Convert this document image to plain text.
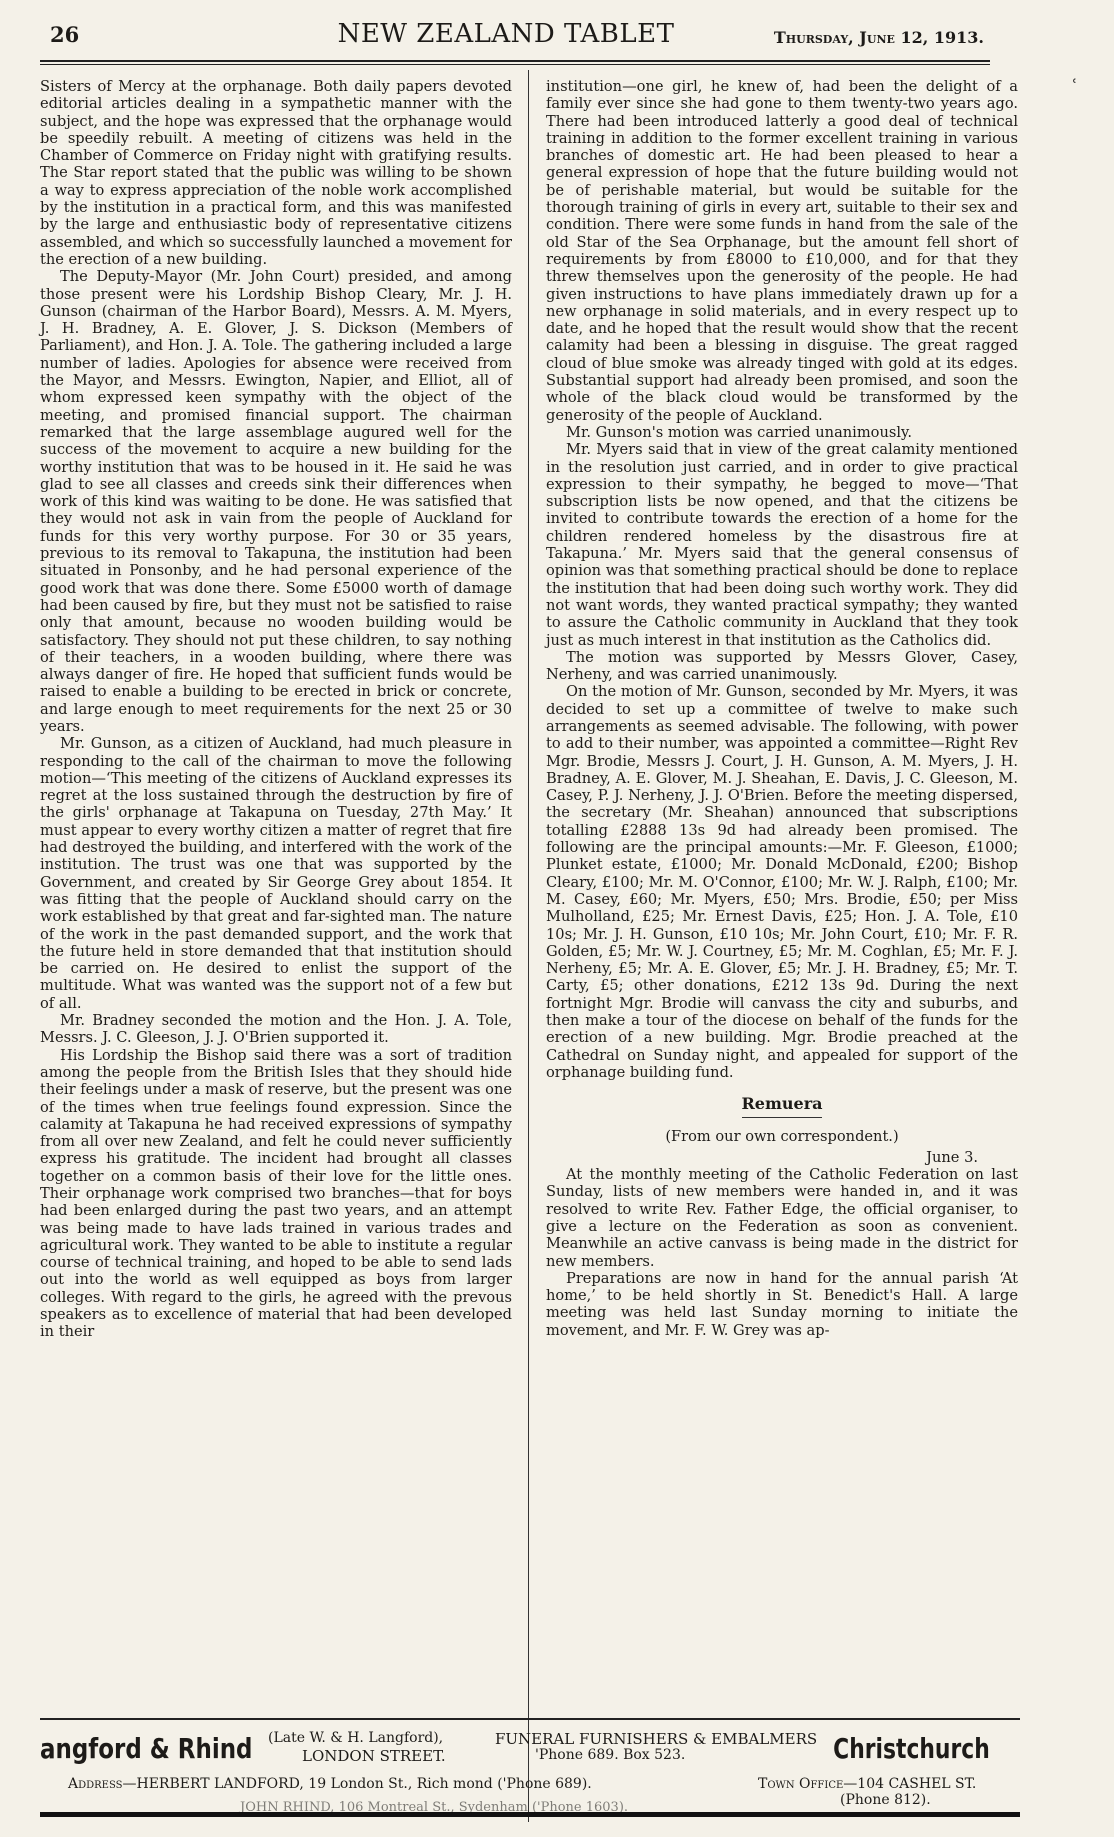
26	NEW ZEALAND TABLET	Thursday, June 12, 1913.

Sisters of Mercy at the orphanage. Both daily papers devoted editorial articles dealing in a sympathetic manner with the subject, and the hope was expressed that the orphanage would be speedily rebuilt. A meeting of citizens was held in the Chamber of Commerce on Friday night with gratifying results. The Star report stated that the public was willing to be shown a way to express appreciation of the noble work accomplished by the institution in a practical form, and this was manifested by the large and enthusiastic body of representative citizens assembled, and which so successfully launched a movement for the erection of a new building.

The Deputy-Mayor (Mr. John Court) presided, and among those present were his Lordship Bishop Cleary, Mr. J. H. Gunson (chairman of the Harbor Board), Messrs. A. M. Myers, J. H. Bradney, A. E. Glover, J. S. Dickson (Members of Parliament), and Hon. J. A. Tole. The gathering included a large number of ladies. Apologies for absence were received from the Mayor, and Messrs. Ewington, Napier, and Elliot, all of whom expressed keen sympathy with the object of the meeting, and promised financial support. The chairman remarked that the large assemblage augured well for the success of the movement to acquire a new building for the worthy institution that was to be housed in it. He said he was glad to see all classes and creeds sink their differences when work of this kind was waiting to be done. He was satisfied that they would not ask in vain from the people of Auckland for funds for this very worthy purpose. For 30 or 35 years, previous to its removal to Takapuna, the institution had been situated in Ponsonby, and he had personal experience of the good work that was done there. Some £5000 worth of damage had been caused by fire, but they must not be satisfied to raise only that amount, because no wooden building would be satisfactory. They should not put these children, to say nothing of their teachers, in a wooden building, where there was always danger of fire. He hoped that sufficient funds would be raised to enable a building to be erected in brick or concrete, and large enough to meet requirements for the next 25 or 30 years.

Mr. Gunson, as a citizen of Auckland, had much pleasure in responding to the call of the chairman to move the following motion—‘This meeting of the citizens of Auckland expresses its regret at the loss sustained through the destruction by fire of the girls' orphanage at Takapuna on Tuesday, 27th May.’ It must appear to every worthy citizen a matter of regret that fire had destroyed the building, and interfered with the work of the institution. The trust was one that was supported by the Government, and created by Sir George Grey about 1854. It was fitting that the people of Auckland should carry on the work established by that great and far-sighted man. The nature of the work in the past demanded support, and the work that the future held in store demanded that that institution should be carried on. He desired to enlist the support of the multitude. What was wanted was the support not of a few but of all.

Mr. Bradney seconded the motion and the Hon. J. A. Tole, Messrs. J. C. Gleeson, J. J. O'Brien supported it.

His Lordship the Bishop said there was a sort of tradition among the people from the British Isles that they should hide their feelings under a mask of reserve, but the present was one of the times when true feelings found expression. Since the calamity at Takapuna he had received expressions of sympathy from all over new Zealand, and felt he could never sufficiently express his gratitude. The incident had brought all classes together on a common basis of their love for the little ones. Their orphanage work comprised two branches—that for boys had been enlarged during the past two years, and an attempt was being made to have lads trained in various trades and agricultural work. They wanted to be able to institute a regular course of technical training, and hoped to be able to send lads out into the world as well equipped as boys from larger colleges. With regard to the girls, he agreed with the prevous speakers as to excellence of material that had been developed in their

institution—one girl, he knew of, had been the delight of a family ever since she had gone to them twenty-two years ago. There had been introduced latterly a good deal of technical training in addition to the former excellent training in various branches of domestic art. He had been pleased to hear a general expression of hope that the future building would not be of perishable material, but would be suitable for the thorough training of girls in every art, suitable to their sex and condition. There were some funds in hand from the sale of the old Star of the Sea Orphanage, but the amount fell short of requirements by from £8000 to £10,000, and for that they threw themselves upon the generosity of the people. He had given instructions to have plans immediately drawn up for a new orphanage in solid materials, and in every respect up to date, and he hoped that the result would show that the recent calamity had been a blessing in disguise. The great ragged cloud of blue smoke was already tinged with gold at its edges. Substantial support had already been promised, and soon the whole of the black cloud would be transformed by the generosity of the people of Auckland.

Mr. Gunson's motion was carried unanimously.

Mr. Myers said that in view of the great calamity mentioned in the resolution just carried, and in order to give practical expression to their sympathy, he begged to move—‘That subscription lists be now opened, and that the citizens be invited to contribute towards the erection of a home for the children rendered homeless by the disastrous fire at Takapuna.’ Mr. Myers said that the general consensus of opinion was that something practical should be done to replace the institution that had been doing such worthy work. They did not want words, they wanted practical sympathy; they wanted to assure the Catholic community in Auckland that they took just as much interest in that institution as the Catholics did.

The motion was supported by Messrs Glover, Casey, Nerheny, and was carried unanimously.

On the motion of Mr. Gunson, seconded by Mr. Myers, it was decided to set up a committee of twelve to make such arrangements as seemed advisable. The following, with power to add to their number, was appointed a committee—Right Rev Mgr. Brodie, Messrs J. Court, J. H. Gunson, A. M. Myers, J. H. Bradney, A. E. Glover, M. J. Sheahan, E. Davis, J. C. Gleeson, M. Casey, P. J. Nerheny, J. J. O'Brien. Before the meeting dispersed, the secretary (Mr. Sheahan) announced that subscriptions totalling £2888 13s 9d had already been promised. The following are the principal amounts:—Mr. F. Gleeson, £1000; Plunket estate, £1000; Mr. Donald McDonald, £200; Bishop Cleary, £100; Mr. M. O'Connor, £100; Mr. W. J. Ralph, £100; Mr. M. Casey, £60; Mr. Myers, £50; Mrs. Brodie, £50; per Miss Mulholland, £25; Mr. Ernest Davis, £25; Hon. J. A. Tole, £10 10s; Mr. J. H. Gunson, £10 10s; Mr. John Court, £10; Mr. F. R. Golden, £5; Mr. W. J. Courtney, £5; Mr. M. Coghlan, £5; Mr. F. J. Nerheny, £5; Mr. A. E. Glover, £5; Mr. J. H. Bradney, £5; Mr. T. Carty, £5; other donations, £212 13s 9d. During the next fortnight Mgr. Brodie will canvass the city and suburbs, and then make a tour of the diocese on behalf of the funds for the erection of a new building. Mgr. Brodie preached at the Cathedral on Sunday night, and appealed for support of the orphanage building fund.

Remuera
(From our own correspondent.)
June 3.

At the monthly meeting of the Catholic Federation on last Sunday, lists of new members were handed in, and it was resolved to write Rev. Father Edge, the official organiser, to give a lecture on the Federation as soon as convenient. Meanwhile an active canvass is being made in the district for new members.

Preparations are now in hand for the annual parish ‘At home,’ to be held shortly in St. Benedict's Hall. A large meeting was held last Sunday morning to initiate the movement, and Mr. F. W. Grey was ap-

ʿ
angford & Rhind (Late W. & H. Langford),
LONDON STREET.
FUNERAL FURNISHERS & EMBALMERS
'Phone 689. Box 523.	Christchurch
Address—HERBERT LANDFORD, 19 London St., Rich mond ('Phone 689).	Town Office—104 CASHEL ST.
(Phone 812).
JOHN RHIND, 106 Montreal St., Sydenham ('Phone 1603).
